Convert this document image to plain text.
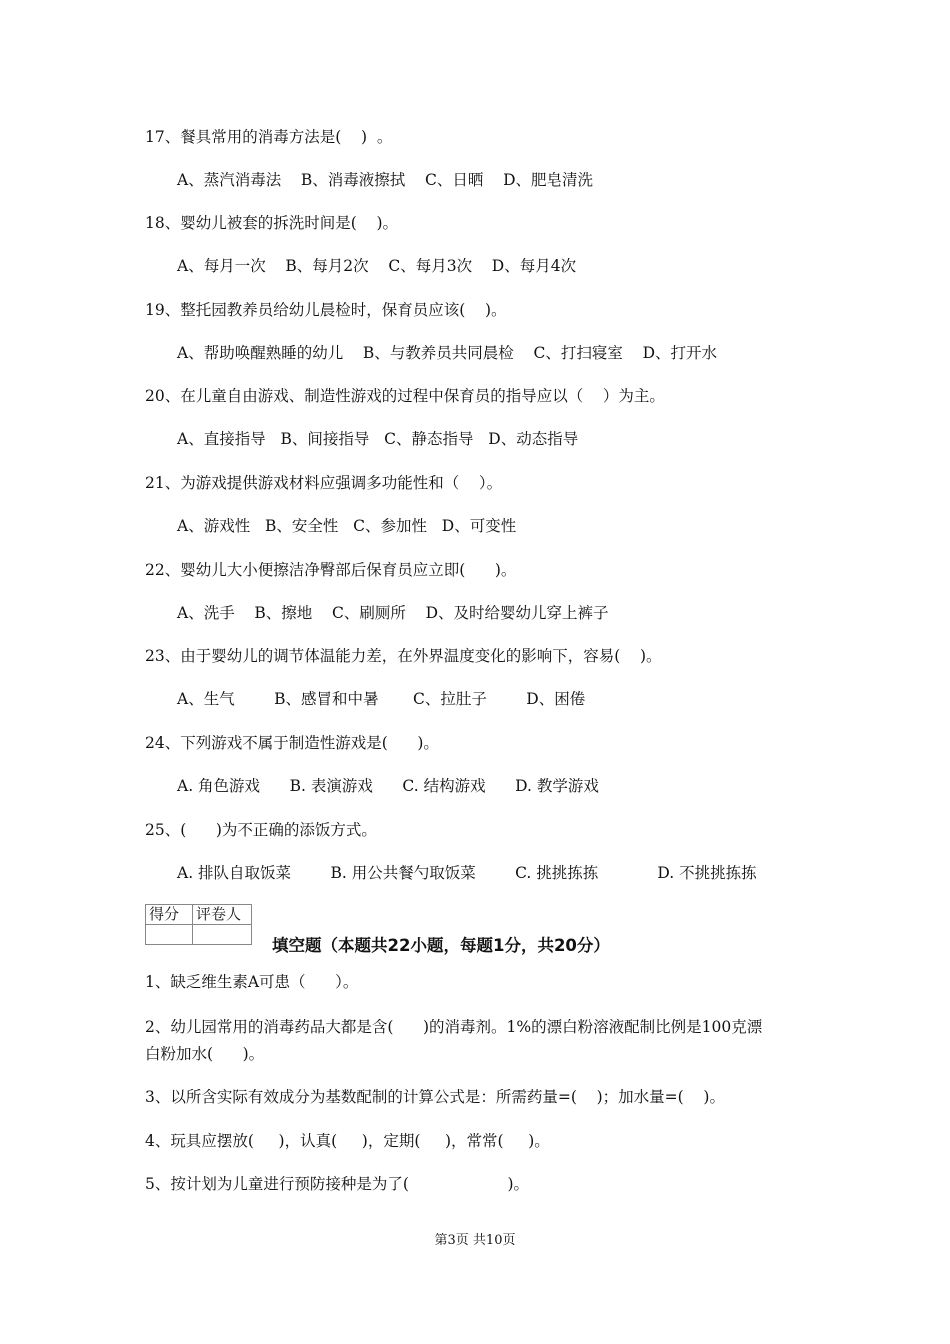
17、餐具常用的消毒方法是(    )  。
A、蒸汽消毒法    B、消毒液擦拭    C、日晒    D、肥皂清洗
18、婴幼儿被套的拆洗时间是(    )。
A、每月一次    B、每月2次    C、每月3次    D、每月4次
19、整托园教养员给幼儿晨检时，保育员应该(    )。
A、帮助唤醒熟睡的幼儿    B、与教养员共同晨检    C、打扫寝室    D、打开水
20、在儿童自由游戏、制造性游戏的过程中保育员的指导应以（    ）为主。
A、直接指导   B、间接指导   C、静态指导   D、动态指导
21、为游戏提供游戏材料应强调多功能性和（    ）。
A、游戏性   B、安全性   C、参加性   D、可变性
22、婴幼儿大小便擦洁净臀部后保育员应立即(      )。
A、洗手    B、擦地    C、刷厕所    D、及时给婴幼儿穿上裤子
23、由于婴幼儿的调节体温能力差，在外界温度变化的影响下，容易(    )。
A、生气        B、感冒和中暑       C、拉肚子        D、困倦
24、下列游戏不属于制造性游戏是(      )。
A. 角色游戏      B. 表演游戏      C. 结构游戏      D. 教学游戏
25、(      )为不正确的添饭方式。
A. 排队自取饭菜        B. 用公共餐勺取饭菜        C. 挑挑拣拣            D. 不挑挑拣拣
得分	评卷人

填空题（本题共22小题，每题1分，共20分）
1、缺乏维生素A可患（      ）。
2、幼儿园常用的消毒药品大都是含(      )的消毒剂。1%的漂白粉溶液配制比例是100克漂
白粉加水(      )。
3、以所含实际有效成分为基数配制的计算公式是：所需药量=(    )；加水量=(    )。
4、玩具应摆放(     )，认真(     )，定期(     )，常常(     )。
5、按计划为儿童进行预防接种是为了(                    )。
第3页 共10页
